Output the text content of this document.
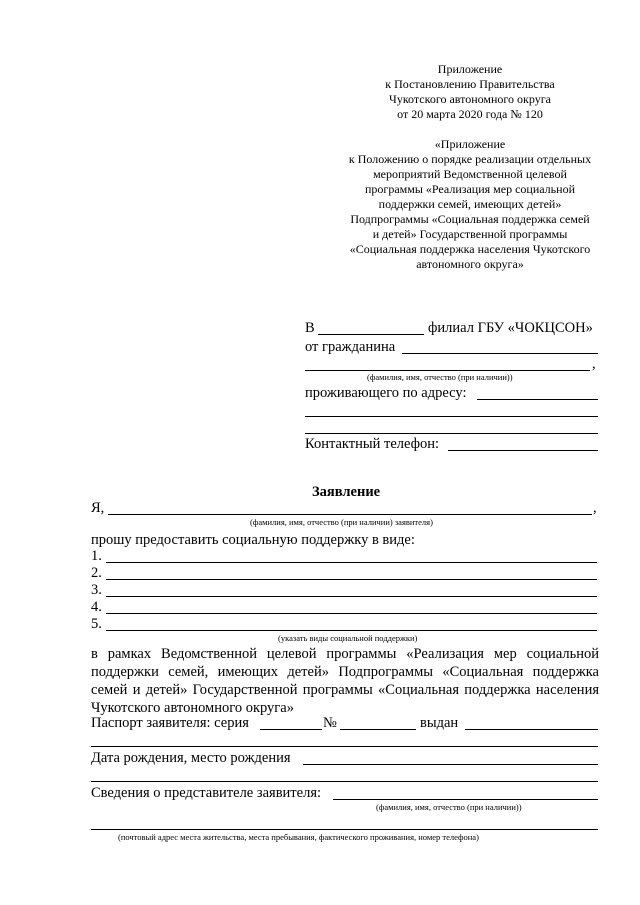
Приложение
к Постановлению Правительства
Чукотского автономного округа
от 20 марта 2020 года № 120
«Приложение
к Положению о порядке реализации отдельных
мероприятий Ведомственной целевой
программы «Реализация мер социальной
поддержки семей, имеющих детей»
Подпрограммы «Социальная поддержка семей
и детей» Государственной программы
«Социальная поддержка населения Чукотского
автономного округа»
В	филиал ГБУ «ЧОКЦСОН»
от гражданина
,
(фамилия, имя, отчество (при наличии))
проживающего по адресу:
Контактный телефон:
Заявление
Я,	,
(фамилия, имя, отчество (при наличии) заявителя)
прошу предоставить социальную поддержку в виде:
1.
2.
3.
4.
5.
(указать виды социальной поддержки)
в рамках Ведомственной целевой программы «Реализация мер социальной поддержки семей, имеющих детей» Подпрограммы «Социальная поддержка семей и детей» Государственной программы «Социальная поддержка населения Чукотского автономного округа»
Паспорт заявителя: серия	№	выдан
Дата рождения, место рождения
Сведения о представителе заявителя:
(фамилия, имя, отчество (при наличии))
(почтовый адрес места жительства, места пребывания, фактического проживания, номер телефона)
